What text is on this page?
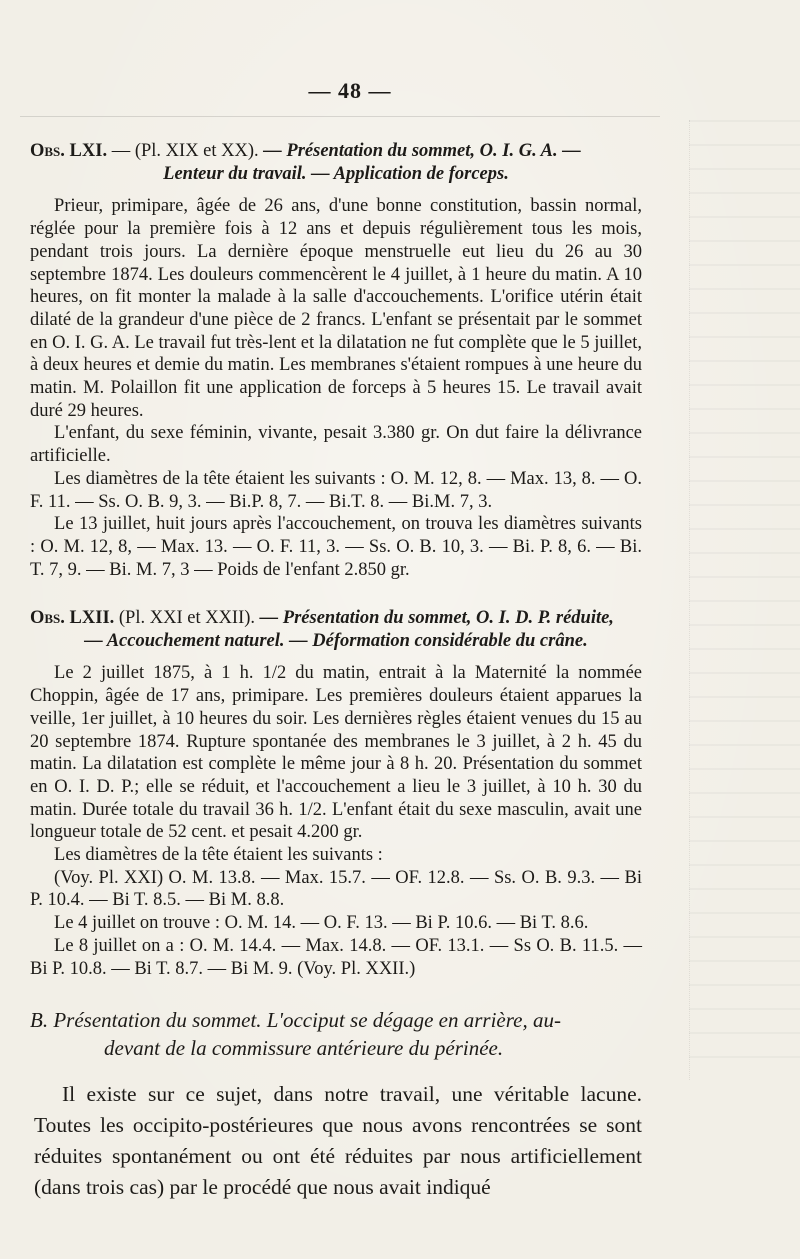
— 48 —

Obs. LXI. — (Pl. XIX et XX). — Présentation du sommet, O. I. G. A. —

Lenteur du travail. — Application de forceps.

Prieur, primipare, âgée de 26 ans, d'une bonne constitution, bassin normal, réglée pour la première fois à 12 ans et depuis régulièrement tous les mois, pendant trois jours. La dernière époque menstruelle eut lieu du 26 au 30 septembre 1874. Les douleurs commencèrent le 4 juillet, à 1 heure du matin. A 10 heures, on fit monter la malade à la salle d'accouchements. L'orifice utérin était dilaté de la grandeur d'une pièce de 2 francs. L'enfant se présentait par le sommet en O. I. G. A. Le travail fut très-lent et la dilatation ne fut complète que le 5 juillet, à deux heures et demie du matin. Les membranes s'étaient rompues à une heure du matin. M. Polaillon fit une application de forceps à 5 heures 15. Le travail avait duré 29 heures.

L'enfant, du sexe féminin, vivante, pesait 3.380 gr. On dut faire la délivrance artificielle.

Les diamètres de la tête étaient les suivants : O. M. 12, 8. — Max. 13, 8. — O. F. 11. — Ss. O. B. 9, 3. — Bi.P. 8, 7. — Bi.T. 8. — Bi.M. 7, 3.

Le 13 juillet, huit jours après l'accouchement, on trouva les diamètres suivants : O. M. 12, 8, — Max. 13. — O. F. 11, 3. — Ss. O. B. 10, 3. — Bi. P. 8, 6. — Bi. T. 7, 9. — Bi. M. 7, 3 — Poids de l'enfant 2.850 gr.

Obs. LXII. (Pl. XXI et XXII). — Présentation du sommet, O. I. D. P. réduite,

— Accouchement naturel. — Déformation considérable du crâne.

Le 2 juillet 1875, à 1 h. 1/2 du matin, entrait à la Maternité la nommée Choppin, âgée de 17 ans, primipare. Les premières douleurs étaient apparues la veille, 1er juillet, à 10 heures du soir. Les dernières règles étaient venues du 15 au 20 septembre 1874. Rupture spontanée des membranes le 3 juillet, à 2 h. 45 du matin. La dilatation est complète le même jour à 8 h. 20. Présentation du sommet en O. I. D. P.; elle se réduit, et l'accouchement a lieu le 3 juillet, à 10 h. 30 du matin. Durée totale du travail 36 h. 1/2. L'enfant était du sexe masculin, avait une longueur totale de 52 cent. et pesait 4.200 gr.

Les diamètres de la tête étaient les suivants :

(Voy. Pl. XXI) O. M. 13.8. — Max. 15.7. — OF. 12.8. — Ss. O. B. 9.3. — Bi P. 10.4. — Bi T. 8.5. — Bi M. 8.8.

Le 4 juillet on trouve : O. M. 14. — O. F. 13. — Bi P. 10.6. — Bi T. 8.6.

Le 8 juillet on a : O. M. 14.4. — Max. 14.8. — OF. 13.1. — Ss O. B. 11.5. — Bi P. 10.8. — Bi T. 8.7. — Bi M. 9. (Voy. Pl. XXII.)

B. Présentation du sommet. L'occiput se dégage en arrière, au-

devant de la commissure antérieure du périnée.

Il existe sur ce sujet, dans notre travail, une véritable lacune. Toutes les occipito-postérieures que nous avons rencontrées se sont réduites spontanément ou ont été réduites par nous artificiellement (dans trois cas) par le procédé que nous avait indiqué
